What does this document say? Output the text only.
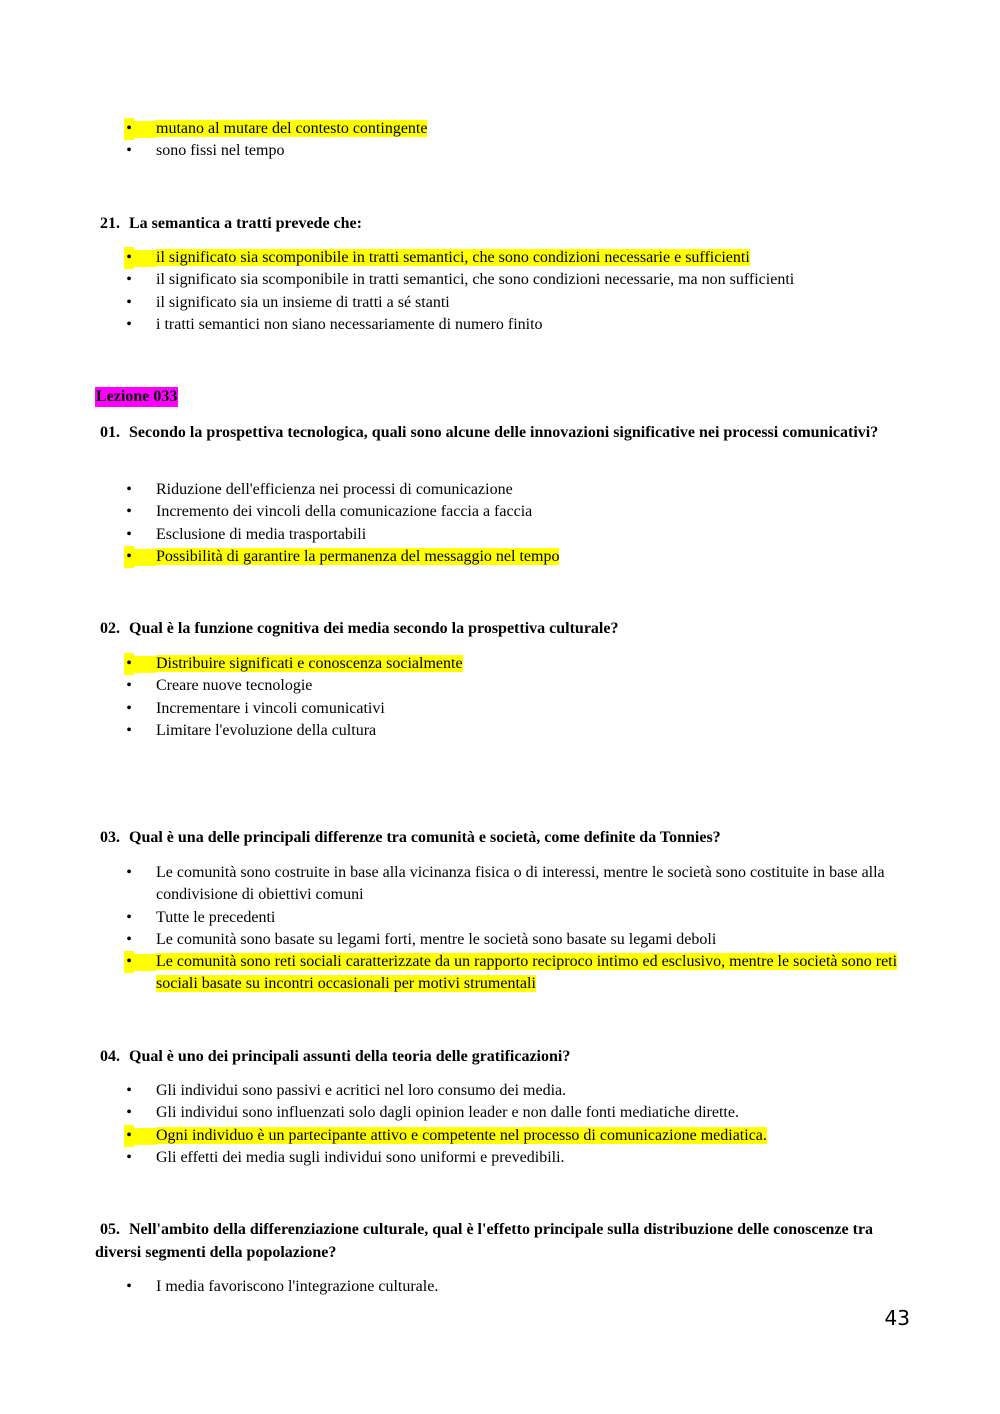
• mutano al mutare del contesto contingente
• sono fissi nel tempo

21. La semantica a tratti prevede che:

• il significato sia scomponibile in tratti semantici, che sono condizioni necessarie e sufficienti
• il significato sia scomponibile in tratti semantici, che sono condizioni necessarie, ma non sufficienti
• il significato sia un insieme di tratti a sé stanti
• i tratti semantici non siano necessariamente di numero finito
Lezione 033

01. Secondo la prospettiva tecnologica, quali sono alcune delle innovazioni significative nei processi comunicativi?

• Riduzione dell'efficienza nei processi di comunicazione
• Incremento dei vincoli della comunicazione faccia a faccia
• Esclusione di media trasportabili
• Possibilità di garantire la permanenza del messaggio nel tempo

02. Qual è la funzione cognitiva dei media secondo la prospettiva culturale?

• Distribuire significati e conoscenza socialmente
• Creare nuove tecnologie
• Incrementare i vincoli comunicativi
• Limitare l'evoluzione della cultura

03. Qual è una delle principali differenze tra comunità e società, come definite da Tonnies?

• Le comunità sono costruite in base alla vicinanza fisica o di interessi, mentre le società sono costituite in base alla condivisione di obiettivi comuni
• Tutte le precedenti
• Le comunità sono basate su legami forti, mentre le società sono basate su legami deboli
• Le comunità sono reti sociali caratterizzate da un rapporto reciproco intimo ed esclusivo, mentre le società sono reti sociali basate su incontri occasionali per motivi strumentali

04. Qual è uno dei principali assunti della teoria delle gratificazioni?

• Gli individui sono passivi e acritici nel loro consumo dei media.
• Gli individui sono influenzati solo dagli opinion leader e non dalle fonti mediatiche dirette.
• Ogni individuo è un partecipante attivo e competente nel processo di comunicazione mediatica.
• Gli effetti dei media sugli individui sono uniformi e prevedibili.

05. Nell'ambito della differenziazione culturale, qual è l'effetto principale sulla distribuzione delle conoscenze tra diversi segmenti della popolazione?

• I media favoriscono l'integrazione culturale.
43
